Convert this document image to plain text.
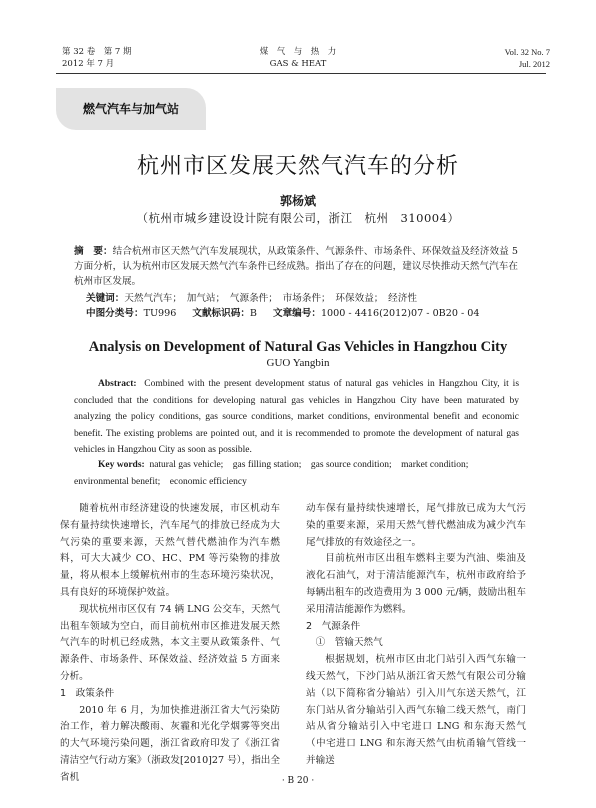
第 32 卷　第 7 期
2012 年 7 月
煤　气　与　热　力
GAS & HEAT
Vol. 32 No. 7
Jul. 2012
燃气汽车与加气站
杭州市区发展天然气汽车的分析
郭杨斌
（杭州市城乡建设设计院有限公司，浙江　杭州　310004）
摘　要：结合杭州市区天然气汽车发展现状，从政策条件、气源条件、市场条件、环保效益及经济效益 5 方面分析，认为杭州市区发展天然气汽车条件已经成熟。指出了存在的问题，建议尽快推动天然气汽车在杭州市区发展。
关键词：天然气汽车；　加气站；　气源条件；　市场条件；　环保效益；　经济性
中图分类号：TU996 文献标识码：B 文章编号：1000 - 4416(2012)07 - 0B20 - 04
Analysis on Development of Natural Gas Vehicles in Hangzhou City
GUO Yangbin
Abstract: Combined with the present development status of natural gas vehicles in Hangzhou City, it is concluded that the conditions for developing natural gas vehicles in Hangzhou City have been maturated by analyzing the policy conditions, gas source conditions, market conditions, environmental benefit and economic benefit. The existing problems are pointed out, and it is recommended to promote the development of natural gas vehicles in Hangzhou City as soon as possible.
Key words: natural gas vehicle;　gas filling station;　gas source condition;　market condition;　environmental benefit;　economic efficiency

随着杭州市经济建设的快速发展，市区机动车保有量持续快速增长，汽车尾气的排放已经成为大气污染的重要来源，天然气替代燃油作为汽车燃料，可大大减少 CO、HC、PM 等污染物的排放量，将从根本上缓解杭州市的生态环境污染状况，具有良好的环境保护效益。

现状杭州市区仅有 74 辆 LNG 公交车，天然气出租车领域为空白，而目前杭州市区推进发展天然气汽车的时机已经成熟，本文主要从政策条件、气源条件、市场条件、环保效益、经济效益 5 方面来分析。

1　政策条件

2010 年 6 月，为加快推进浙江省大气污染防治工作，着力解决酸雨、灰霾和光化学烟雾等突出的大气环境污染问题，浙江省政府印发了《浙江省清洁空气行动方案》（浙政发[2010]27 号），指出全省机

动车保有量持续快速增长，尾气排放已成为大气污染的重要来源，采用天然气替代燃油成为减少汽车尾气排放的有效途径之一。

目前杭州市区出租车燃料主要为汽油、柴油及液化石油气，对于清洁能源汽车，杭州市政府给予每辆出租车的改造费用为 3 000 元/辆，鼓励出租车采用清洁能源作为燃料。

2　气源条件

①　管输天然气

根据规划，杭州市区由北门站引入西气东输一线天然气，下沙门站从浙江省天然气有限公司分输站（以下简称省分输站）引入川气东送天然气，江东门站从省分输站引入西气东输二线天然气，南门站从省分输站引入中宅进口 LNG 和东海天然气（中宅进口 LNG 和东海天然气由杭甬输气管线一并输送

· B 20 ·
